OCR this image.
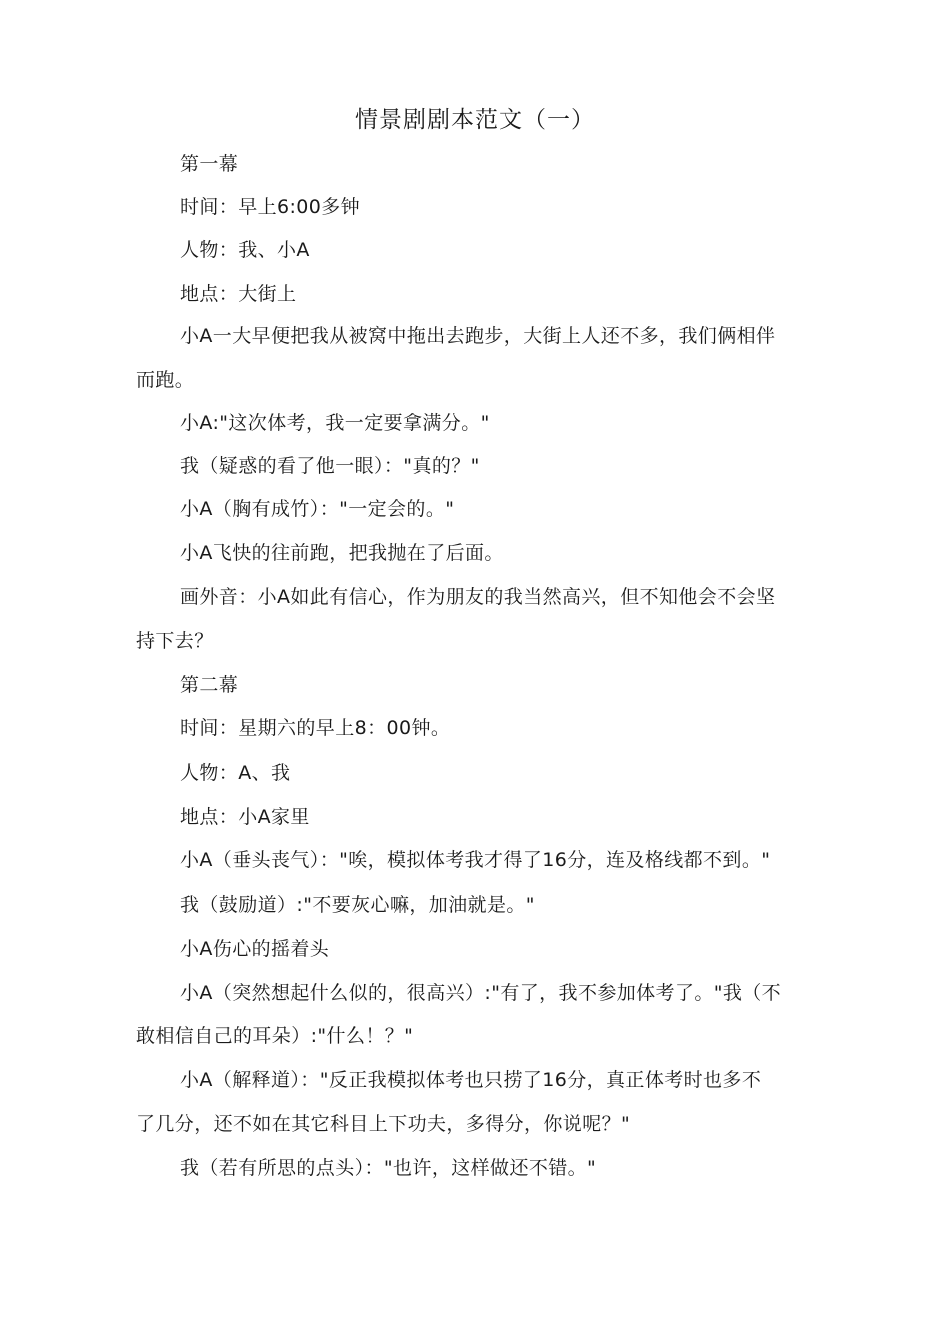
情景剧剧本范文（一）
第一幕
时间：早上6:00多钟
人物：我、小A
地点：大街上
小A一大早便把我从被窝中拖出去跑步，大街上人还不多，我们俩相伴
而跑。
小A:"这次体考，我一定要拿满分。"
我（疑惑的看了他一眼）："真的？"
小A（胸有成竹）："一定会的。"
小A飞快的往前跑，把我抛在了后面。
画外音：小A如此有信心，作为朋友的我当然高兴，但不知他会不会坚
持下去？
第二幕
时间：星期六的早上8：00钟。
人物：A、我
地点：小A家里
小A（垂头丧气）："唉，模拟体考我才得了16分，连及格线都不到。"
我（鼓励道）:"不要灰心嘛，加油就是。"
小A伤心的摇着头
小A（突然想起什么似的，很高兴）:"有了，我不参加体考了。"我（不
敢相信自己的耳朵）:"什么！？"
小A（解释道）："反正我模拟体考也只捞了16分，真正体考时也多不
了几分，还不如在其它科目上下功夫，多得分，你说呢？"
我（若有所思的点头）："也许，这样做还不错。"
